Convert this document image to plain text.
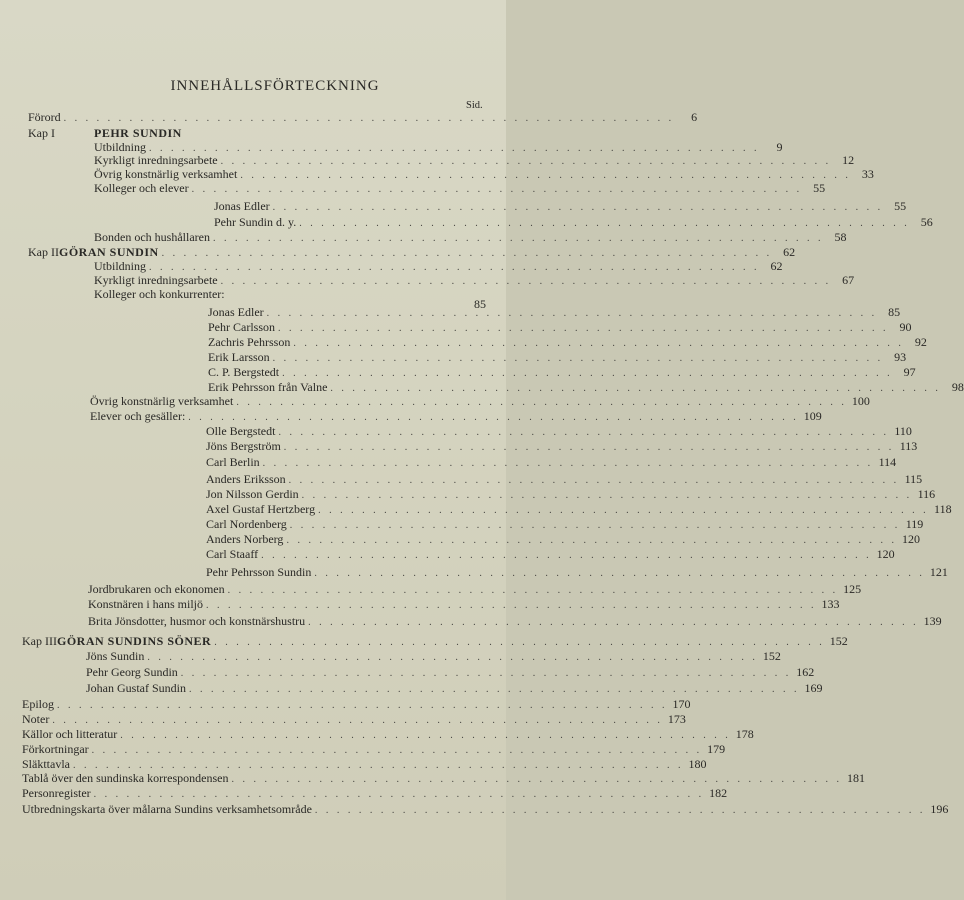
INNEHÅLLSFÖRTECKNING
Sid.
Förord . . . . . . . . . . . . . . . . . . . . . . . . . . . . . . . . . . . . . . . . . . . . . . . . . . . . . . . .	6
Kap I	PEHR SUNDIN
Utbildning . . . . . . . . . . . . . . . . . . . . . . . . . . . . . . . . . . . . . . . . . . . . . . . . . . . . . . . .	9
Kyrkligt inredningsarbete . . . . . . . . . . . . . . . . . . . . . . . . . . . . . . . . . . . . . . . . . . . . . . . . . . . . . . . . 12
Övrig konstnärlig verksamhet . . . . . . . . . . . . . . . . . . . . . . . . . . . . . . . . . . . . . . . . . . . . . . . . . . . . . . . . 33
Kolleger och elever . . . . . . . . . . . . . . . . . . . . . . . . . . . . . . . . . . . . . . . . . . . . . . . . . . . . . . . . 55
Jonas Edler . . . . . . . . . . . . . . . . . . . . . . . . . . . . . . . . . . . . . . . . . . . . . . . . . . . . . . . . 55
Pehr Sundin d. y. . . . . . . . . . . . . . . . . . . . . . . . . . . . . . . . . . . . . . . . . . . . . . . . . . . . . . . . . 56
Bonden och hushållaren . . . . . . . . . . . . . . . . . . . . . . . . . . . . . . . . . . . . . . . . . . . . . . . . . . . . . . . . 58
Kap II GÖRAN SUNDIN . . . . . . . . . . . . . . . . . . . . . . . . . . . . . . . . . . . . . . . . . . . . . . . . . . . . . . . . 62
Utbildning . . . . . . . . . . . . . . . . . . . . . . . . . . . . . . . . . . . . . . . . . . . . . . . . . . . . . . . . 62
Kyrkligt inredningsarbete . . . . . . . . . . . . . . . . . . . . . . . . . . . . . . . . . . . . . . . . . . . . . . . . . . . . . . . . 67
Kolleger och konkurrenter:
Jonas Edler . . . . . . . . . . . . . . . . . . . . . . . . . . . . . . . . . . . . . . . . . . . . . . . . . . . . . . . . 85
Pehr Carlsson . . . . . . . . . . . . . . . . . . . . . . . . . . . . . . . . . . . . . . . . . . . . . . . . . . . . . . . . 90
Zachris Pehrsson . . . . . . . . . . . . . . . . . . . . . . . . . . . . . . . . . . . . . . . . . . . . . . . . . . . . . . . . 92
Erik Larsson . . . . . . . . . . . . . . . . . . . . . . . . . . . . . . . . . . . . . . . . . . . . . . . . . . . . . . . . 93
C. P. Bergstedt . . . . . . . . . . . . . . . . . . . . . . . . . . . . . . . . . . . . . . . . . . . . . . . . . . . . . . . . 97
Erik Pehrsson från Valne . . . . . . . . . . . . . . . . . . . . . . . . . . . . . . . . . . . . . . . . . . . . . . . . . . . . . . . . 98
Övrig konstnärlig verksamhet . . . . . . . . . . . . . . . . . . . . . . . . . . . . . . . . . . . . . . . . . . . . . . . . . . . . . . . . 100
Elever och gesäller: . . . . . . . . . . . . . . . . . . . . . . . . . . . . . . . . . . . . . . . . . . . . . . . . . . . . . . . . 109
Olle Bergstedt . . . . . . . . . . . . . . . . . . . . . . . . . . . . . . . . . . . . . . . . . . . . . . . . . . . . . . . . 110
Jöns Bergström . . . . . . . . . . . . . . . . . . . . . . . . . . . . . . . . . . . . . . . . . . . . . . . . . . . . . . . . 113
Carl Berlin . . . . . . . . . . . . . . . . . . . . . . . . . . . . . . . . . . . . . . . . . . . . . . . . . . . . . . . . 114
Anders Eriksson . . . . . . . . . . . . . . . . . . . . . . . . . . . . . . . . . . . . . . . . . . . . . . . . . . . . . . . . 115
Jon Nilsson Gerdin . . . . . . . . . . . . . . . . . . . . . . . . . . . . . . . . . . . . . . . . . . . . . . . . . . . . . . . . 116
Axel Gustaf Hertzberg . . . . . . . . . . . . . . . . . . . . . . . . . . . . . . . . . . . . . . . . . . . . . . . . . . . . . . . . 118
Carl Nordenberg . . . . . . . . . . . . . . . . . . . . . . . . . . . . . . . . . . . . . . . . . . . . . . . . . . . . . . . . 119
Anders Norberg . . . . . . . . . . . . . . . . . . . . . . . . . . . . . . . . . . . . . . . . . . . . . . . . . . . . . . . . 120
Carl Staaff . . . . . . . . . . . . . . . . . . . . . . . . . . . . . . . . . . . . . . . . . . . . . . . . . . . . . . . . 120
Pehr Pehrsson Sundin . . . . . . . . . . . . . . . . . . . . . . . . . . . . . . . . . . . . . . . . . . . . . . . . . . . . . . . . 121
Jordbrukaren och ekonomen . . . . . . . . . . . . . . . . . . . . . . . . . . . . . . . . . . . . . . . . . . . . . . . . . . . . . . . . 125
Konstnären i hans miljö . . . . . . . . . . . . . . . . . . . . . . . . . . . . . . . . . . . . . . . . . . . . . . . . . . . . . . . . 133
Brita Jönsdotter, husmor och konstnärshustru . . . . . . . . . . . . . . . . . . . . . . . . . . . . . . . . . . . . . . . . . . . . . . . . . . . . . . . . 139
Kap III GÖRAN SUNDINS SÖNER . . . . . . . . . . . . . . . . . . . . . . . . . . . . . . . . . . . . . . . . . . . . . . . . . . . . . . . . 152
Jöns Sundin . . . . . . . . . . . . . . . . . . . . . . . . . . . . . . . . . . . . . . . . . . . . . . . . . . . . . . . . 152
Pehr Georg Sundin . . . . . . . . . . . . . . . . . . . . . . . . . . . . . . . . . . . . . . . . . . . . . . . . . . . . . . . . 162
Johan Gustaf Sundin . . . . . . . . . . . . . . . . . . . . . . . . . . . . . . . . . . . . . . . . . . . . . . . . . . . . . . . . 169
Epilog . . . . . . . . . . . . . . . . . . . . . . . . . . . . . . . . . . . . . . . . . . . . . . . . . . . . . . . . 170
Noter . . . . . . . . . . . . . . . . . . . . . . . . . . . . . . . . . . . . . . . . . . . . . . . . . . . . . . . . 173
Källor och litteratur . . . . . . . . . . . . . . . . . . . . . . . . . . . . . . . . . . . . . . . . . . . . . . . . . . . . . . . . 178
Förkortningar . . . . . . . . . . . . . . . . . . . . . . . . . . . . . . . . . . . . . . . . . . . . . . . . . . . . . . . . 179
Släkttavla . . . . . . . . . . . . . . . . . . . . . . . . . . . . . . . . . . . . . . . . . . . . . . . . . . . . . . . . 180
Tablå över den sundinska korrespondensen . . . . . . . . . . . . . . . . . . . . . . . . . . . . . . . . . . . . . . . . . . . . . . . . . . . . . . . . 181
Personregister . . . . . . . . . . . . . . . . . . . . . . . . . . . . . . . . . . . . . . . . . . . . . . . . . . . . . . . . 182
Utbredningskarta över målarna Sundins verksamhetsområde . . . . . . . . . . . . . . . . . . . . . . . . . . . . . . . . . . . . . . . . . . . . . . . . . . . . . . . . 196
85
